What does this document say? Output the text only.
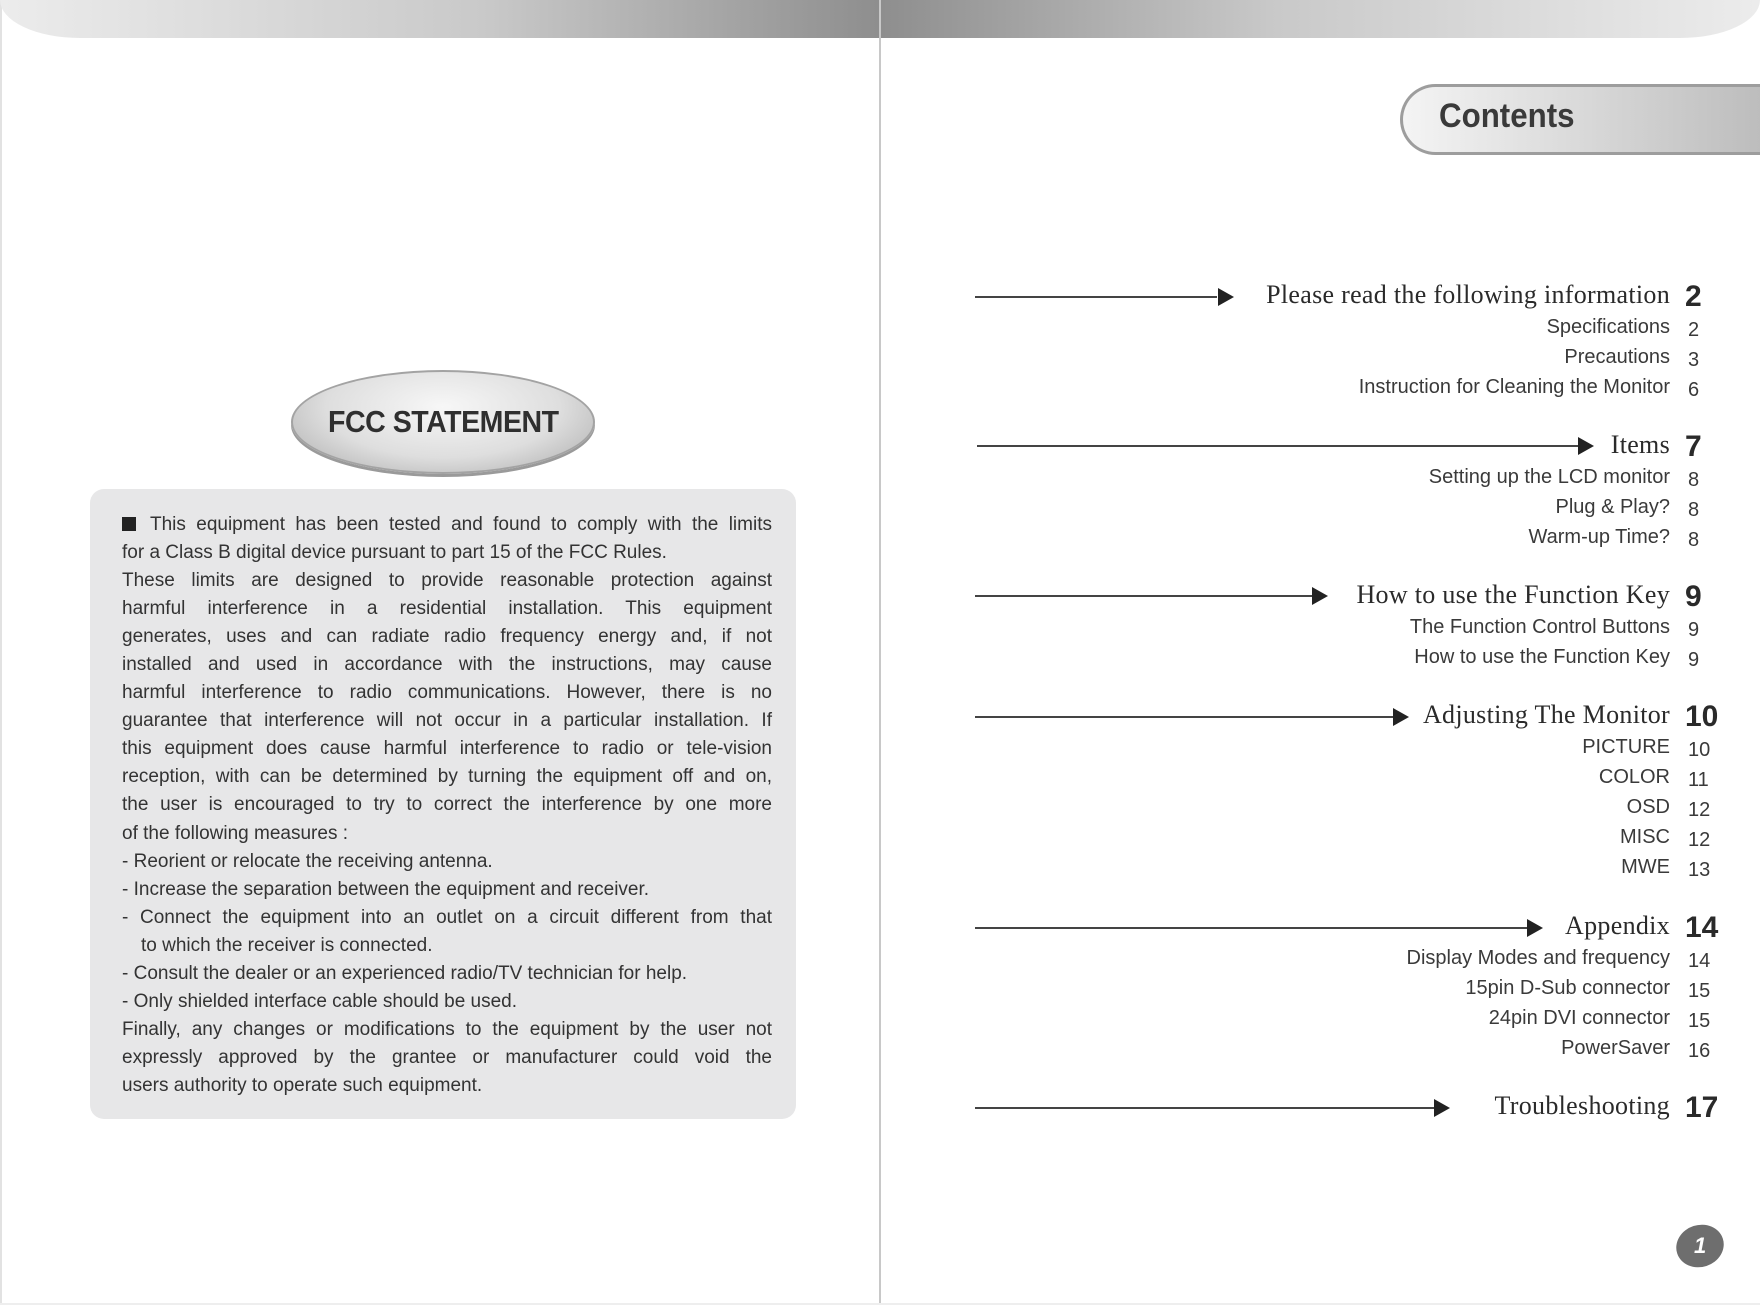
FCC STATEMENT
This equipment has been tested and found to comply with the limits
for a Class B digital device pursuant to part 15 of the FCC Rules.
These limits are designed to provide reasonable protection against
harmful interference in a residential installation. This equipment
generates, uses and can radiate radio frequency energy and, if not
installed and used in accordance with the instructions, may cause
harmful interference to radio communications. However, there is no
guarantee that interference will not occur in a particular installation. If
this equipment does cause harmful interference to radio or tele-vision
reception, with can be determined by turning the equipment off and on,
the user is encouraged to try to correct the interference by one more
of the following measures :
- Reorient or relocate the receiving antenna.
- Increase the separation between the equipment and receiver.
- Connect the equipment into an outlet on a circuit different from that
to which the receiver is connected.
- Consult the dealer or an experienced radio/TV technician for help.
- Only shielded interface cable should be used.
Finally, any changes or modifications to the equipment by the user not
expressly approved by the grantee or manufacturer could void the
users authority to operate such equipment.
Contents
Please read the following information 2
Specifications 2
Precautions 3
Instruction for Cleaning the Monitor 6
Items 7
Setting up the LCD monitor 8
Plug & Play? 8
Warm-up Time? 8
How to use the Function Key 9
The Function Control Buttons 9
How to use the Function Key 9
Adjusting The Monitor 10
PICTURE 10
COLOR 11
OSD 12
MISC 12
MWE 13
Appendix 14
Display Modes and frequency 14
15pin D-Sub connector 15
24pin DVI connector 15
PowerSaver 16
Troubleshooting 17
1
